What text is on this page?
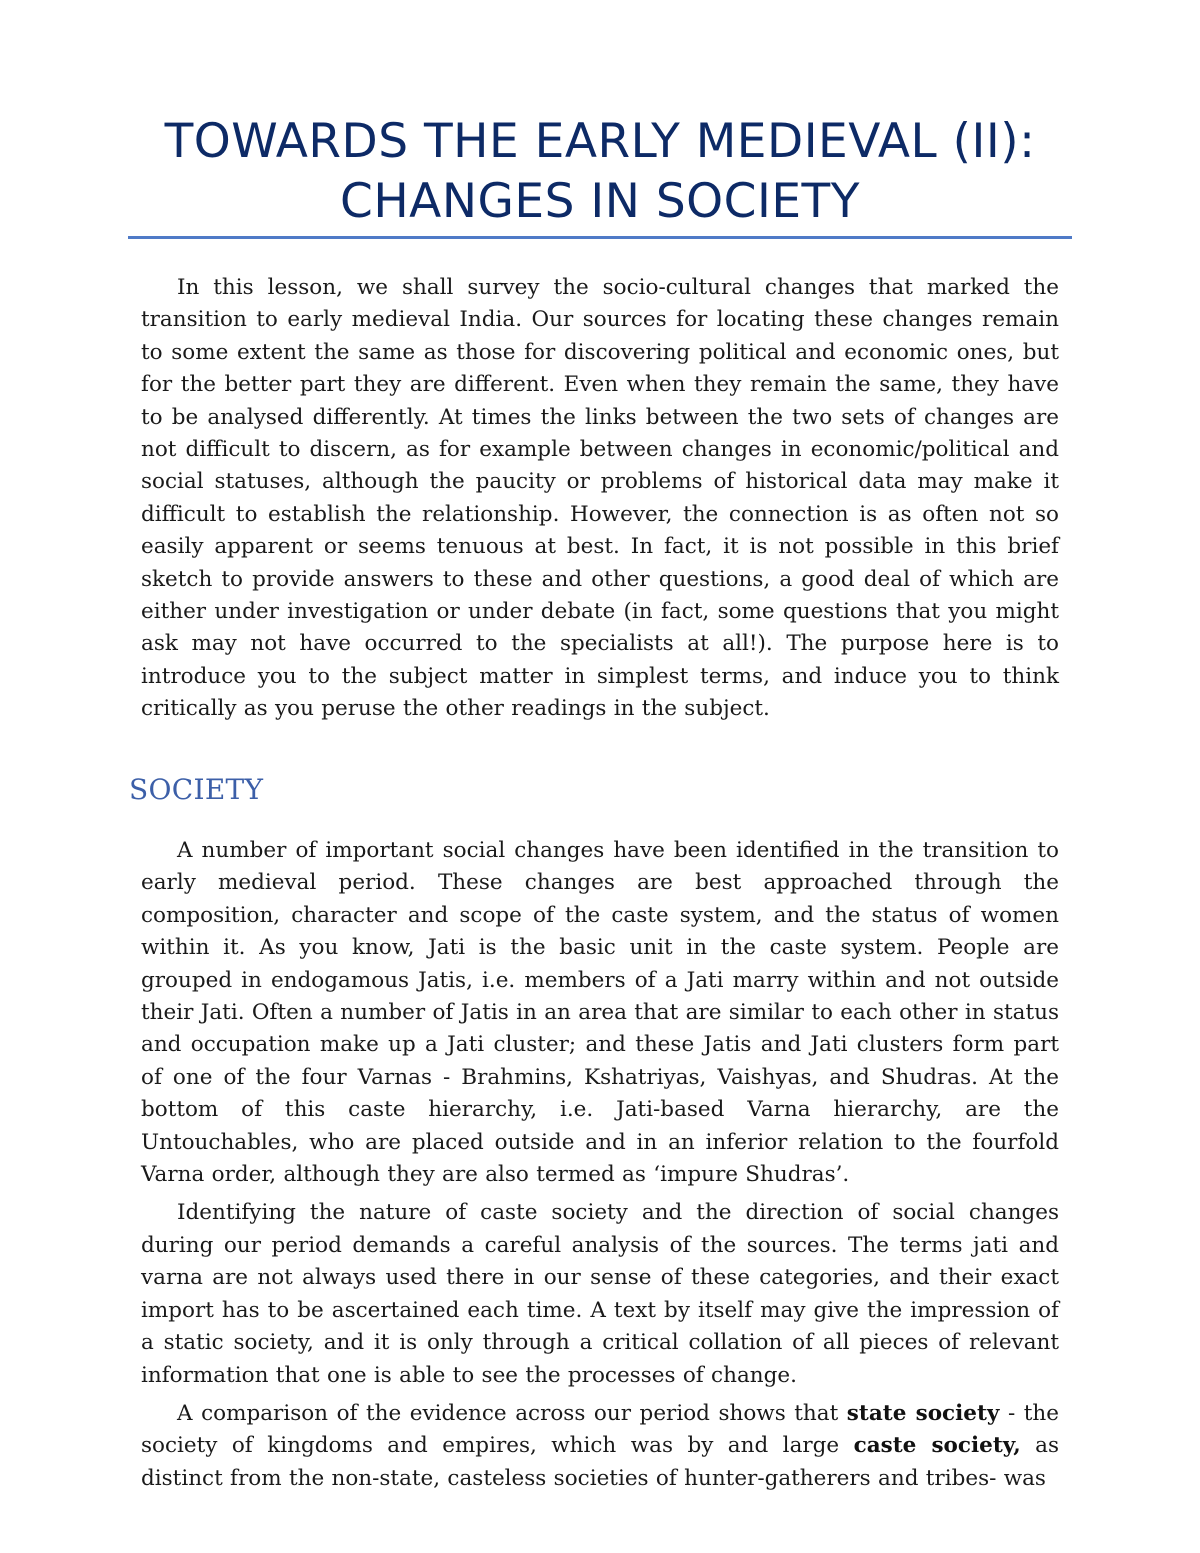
TOWARDS THE EARLY MEDIEVAL (II):
CHANGES IN SOCIETY

In this lesson, we shall survey the socio-cultural changes that marked the transition to early medieval India. Our sources for locating these changes remain to some extent the same as those for discovering political and economic ones, but for the better part they are different. Even when they remain the same, they have to be analysed differently. At times the links between the two sets of changes are not difficult to discern, as for example between changes in economic/political and social statuses, although the paucity or problems of historical data may make it difficult to establish the relationship. However, the connection is as often not so easily apparent or seems tenuous at best. In fact, it is not possible in this brief sketch to provide answers to these and other questions, a good deal of which are either under investigation or under debate (in fact, some questions that you might ask may not have occurred to the specialists at all!). The purpose here is to introduce you to the subject matter in simplest terms, and induce you to think critically as you peruse the other readings in the subject.

SOCIETY

A number of important social changes have been identified in the transition to early medieval period. These changes are best approached through the composition, character and scope of the caste system, and the status of women within it. As you know, Jati is the basic unit in the caste system. People are grouped in endogamous Jatis, i.e. members of a Jati marry within and not outside their Jati. Often a number of Jatis in an area that are similar to each other in status and occupation make up a Jati cluster; and these Jatis and Jati clusters form part of one of the four Varnas - Brahmins, Kshatriyas, Vaishyas, and Shudras. At the bottom of this caste hierarchy, i.e. Jati-based Varna hierarchy, are the Untouchables, who are placed outside and in an inferior relation to the fourfold Varna order, although they are also termed as ‘impure Shudras’.

Identifying the nature of caste society and the direction of social changes during our period demands a careful analysis of the sources. The terms jati and varna are not always used there in our sense of these categories, and their exact import has to be ascertained each time. A text by itself may give the impression of a static society, and it is only through a critical collation of all pieces of relevant information that one is able to see the processes of change.

A comparison of the evidence across our period shows that state society - the society of kingdoms and empires, which was by and large caste society, as distinct from the non-state, casteless societies of hunter-gatherers and tribes- was
